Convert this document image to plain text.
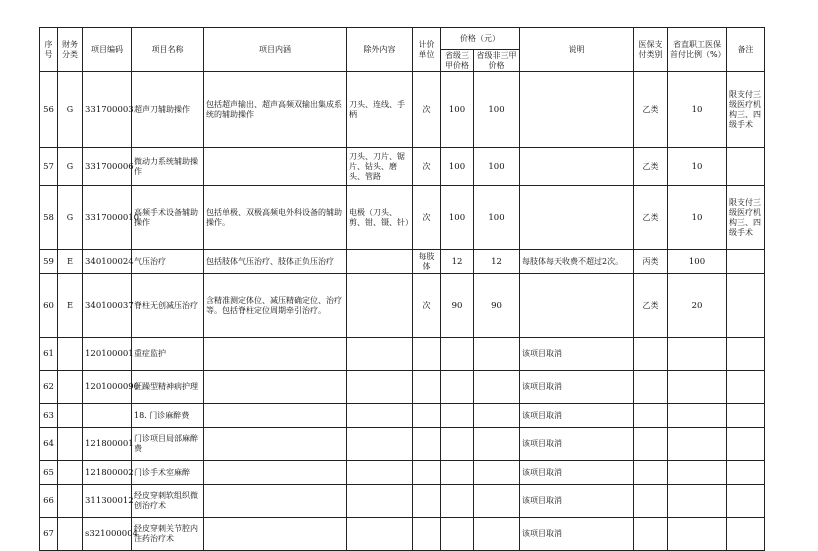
序号	财务分类	项目编码	项目名称	项目内涵	除外内容	计价单位	价格（元）		说明	医保支付类别	省直职工医保首付比例（%）	备注
							省级三甲价格	省级非三甲价格				
56	G	331700003	超声刀辅助操作	包括超声输出、超声高频双输出集成系统的辅助操作	刀头、连线、手柄	次	100	100		乙类	10	限支付三级医疗机构三、四级手术
57	G	331700006	微动力系统辅助操作		刀头、刀片、锯片、钻头、磨头、管路	次	100	100		乙类	10	
58	G	3317000010	高频手术设备辅助操作	包括单极、双极高频电外科设备的辅助操作。	电极（刀头、剪、钳、镊、针）	次	100	100		乙类	10	限支付三级医疗机构三、四级手术
59	E	340100024	气压治疗	包括肢体气压治疗、肢体正负压治疗		每肢体	12	12	每肢体每天收费不超过2次。	丙类	100	
60	E	340100037	脊柱无创减压治疗	含精准测定体位、减压精确定位、治疗等。包括脊柱定位周期牵引治疗。		次	90	90		乙类	20	
61		120100001	重症监护						该项目取消			
62		1201000090	狂躁型精神病护理						该项目取消			
63			18. 门诊麻醉费						该项目取消			
64		121800001	门诊项目局部麻醉费						该项目取消			
65		121800002	门诊手术室麻醉						该项目取消			
66		311300012	经皮穿刺软组织微创治疗术						该项目取消			
67		s321000004	经皮穿刺关节腔内注药治疗术						该项目取消			
